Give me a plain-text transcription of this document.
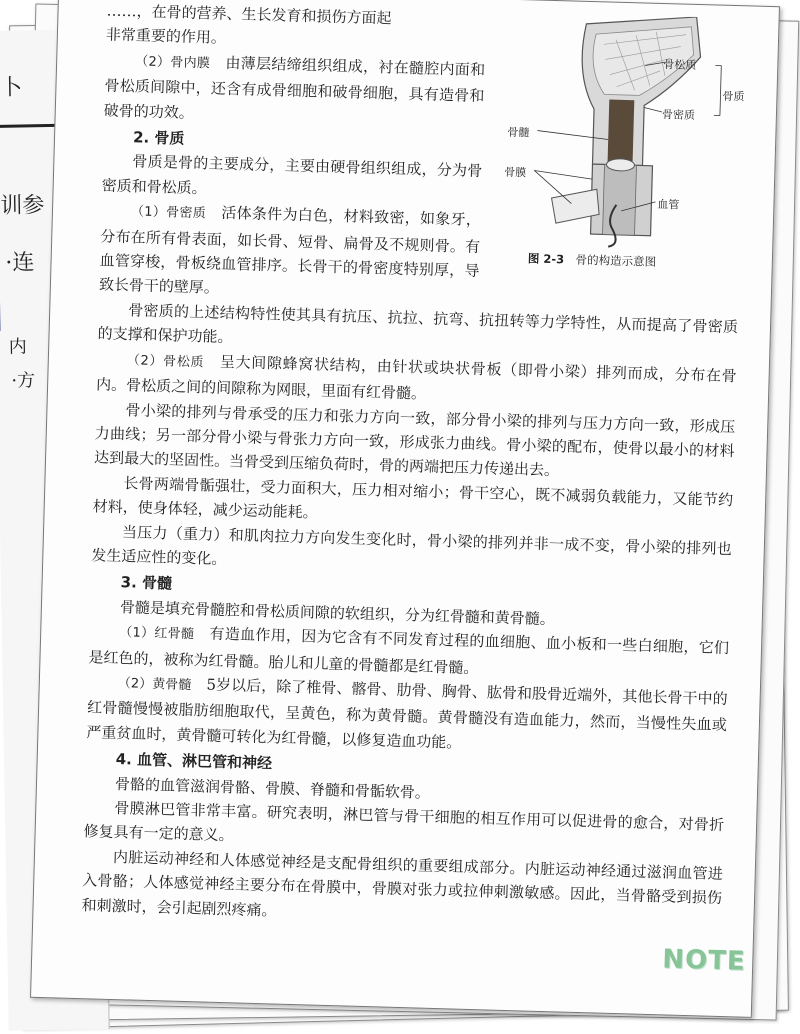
卜
训参
·连
内
·方
骨松质
骨质
骨密质
骨髓
骨膜
血管
图 2-3　骨的构造示意图

……，在骨的营养、生长发育和损伤方面起

非常重要的作用。

（2）骨内膜　由薄层结缔组织组成，衬在髓腔内面和骨松质间隙中，还含有成骨细胞和破骨细胞，具有造骨和破骨的功效。

2. 骨质

骨质是骨的主要成分，主要由硬骨组织组成，分为骨密质和骨松质。

（1）骨密质　活体条件为白色，材料致密，如象牙，分布在所有骨表面，如长骨、短骨、扁骨及不规则骨。有血管穿梭，骨板绕血管排序。长骨干的骨密度特别厚，导致长骨干的壁厚。

骨密质的上述结构特性使其具有抗压、抗拉、抗弯、抗扭转等力学特性，从而提高了骨密质的支撑和保护功能。

（2）骨松质　呈大间隙蜂窝状结构，由针状或块状骨板（即骨小梁）排列而成，分布在骨内。骨松质之间的间隙称为网眼，里面有红骨髓。

骨小梁的排列与骨承受的压力和张力方向一致，部分骨小梁的排列与压力方向一致，形成压力曲线；另一部分骨小梁与骨张力方向一致，形成张力曲线。骨小梁的配布，使骨以最小的材料达到最大的坚固性。当骨受到压缩负荷时，骨的两端把压力传递出去。

长骨两端骨骺强壮，受力面积大，压力相对缩小；骨干空心，既不减弱负载能力，又能节约材料，使身体轻，减少运动能耗。

当压力（重力）和肌肉拉力方向发生变化时，骨小梁的排列并非一成不变，骨小梁的排列也发生适应性的变化。

3. 骨髓

骨髓是填充骨髓腔和骨松质间隙的软组织，分为红骨髓和黄骨髓。

（1）红骨髓　有造血作用，因为它含有不同发育过程的血细胞、血小板和一些白细胞，它们是红色的，被称为红骨髓。胎儿和儿童的骨髓都是红骨髓。

（2）黄骨髓　5岁以后，除了椎骨、髂骨、肋骨、胸骨、肱骨和股骨近端外，其他长骨干中的红骨髓慢慢被脂肪细胞取代，呈黄色，称为黄骨髓。黄骨髓没有造血能力，然而，当慢性失血或严重贫血时，黄骨髓可转化为红骨髓，以修复造血功能。

4. 血管、淋巴管和神经

骨骼的血管滋润骨骼、骨膜、脊髓和骨骺软骨。

骨膜淋巴管非常丰富。研究表明，淋巴管与骨干细胞的相互作用可以促进骨的愈合，对骨折修复具有一定的意义。

内脏运动神经和人体感觉神经是支配骨组织的重要组成部分。内脏运动神经通过滋润血管进入骨骼；人体感觉神经主要分布在骨膜中，骨膜对张力或拉伸刺激敏感。因此，当骨骼受到损伤和刺激时，会引起剧烈疼痛。

NOTE
